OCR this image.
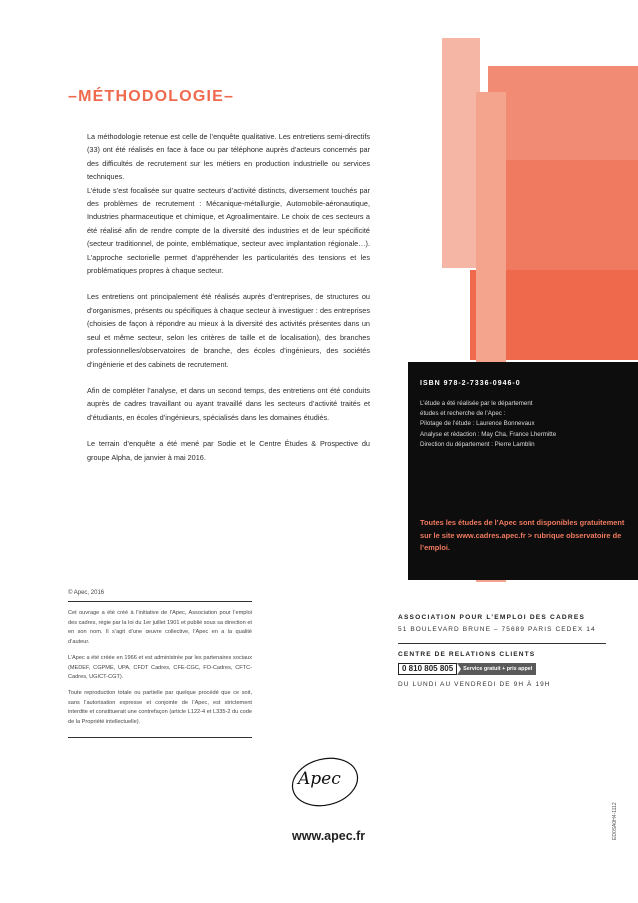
–MÉTHODOLOGIE–

La méthodologie retenue est celle de l’enquête qualitative. Les entretiens semi-directifs (33) ont été réalisés en face à face ou par téléphone auprès d’acteurs concernés par des difficultés de recrutement sur les métiers en production industrielle ou services techniques.

L’étude s’est focalisée sur quatre secteurs d’activité distincts, diversement touchés par des problèmes de recrutement : Mécanique-métallurgie, Automobile-aéronautique, Industries pharmaceutique et chimique, et Agroalimentaire. Le choix de ces secteurs a été réalisé afin de rendre compte de la diversité des industries et de leur spécificité (secteur traditionnel, de pointe, emblématique, secteur avec implantation régionale…). L’approche sectorielle permet d’appréhender les particularités des tensions et les problématiques propres à chaque secteur.

Les entretiens ont principalement été réalisés auprès d’entreprises, de structures ou d’organismes, présents ou spécifiques à chaque secteur à investiguer : des entreprises (choisies de façon à répondre au mieux à la diversité des activités présentes dans un seul et même secteur, selon les critères de taille et de localisation), des branches professionnelles/observatoires de branche, des écoles d’ingénieurs, des sociétés d’ingénierie et des cabinets de recrutement.

Afin de compléter l’analyse, et dans un second temps, des entretiens ont été conduits auprès de cadres travaillant ou ayant travaillé dans les secteurs d’activité traités et d’étudiants, en écoles d’ingénieurs, spécialisés dans les domaines étudiés.

Le terrain d’enquête a été mené par Sodie et le Centre Études & Prospective du groupe Alpha, de janvier à mai 2016.

ISBN 978-2-7336-0946-0
L’étude a été réalisée par le département
études et recherche de l’Apec :
Pilotage de l’étude : Laurence Bonnevaux
Analyse et rédaction : May Cha, France Lhermitte
Direction du département : Pierre Lamblin
Toutes les études de l’Apec sont disponibles gratuitement sur le site www.cadres.apec.fr > rubrique observatoire de l’emploi.
© Apec, 2016

Cet ouvrage a été créé à l’initiative de l’Apec, Association pour l’emploi des cadres, régie par la loi du 1er juillet 1901 et publié sous sa direction et en son nom. Il s’agit d’une œuvre collective, l’Apec en a la qualité d’auteur.

L’Apec a été créée en 1966 et est administrée par les partenaires sociaux (MEDEF, CGPME, UPA, CFDT Cadres, CFE-CGC, FO-Cadres, CFTC-Cadres, UGICT-CGT).

Toute reproduction totale ou partielle par quelque procédé que ce soit, sans l’autorisation expresse et conjointe de l’Apec, est strictement interdite et constituerait une contrefaçon (article L122-4 et L335-2 du code de la Propriété intellectuelle).

ASSOCIATION POUR L’EMPLOI DES CADRES
51 BOULEVARD BRUNE – 75689 PARIS CEDEX 14
CENTRE DE RELATIONS CLIENTS
0 810 805 805	Service gratuit + prix appel
DU LUNDI AU VENDREDI DE 9H À 19H
Apec
www.apec.fr	ED0SA0H4-1112
